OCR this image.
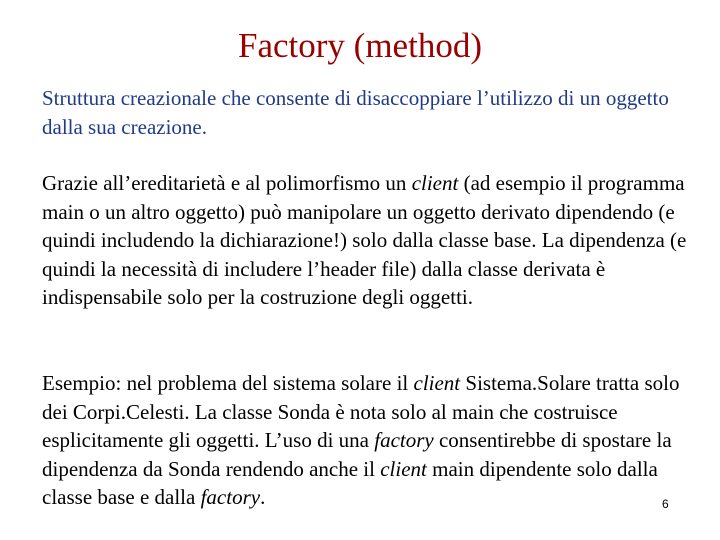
Factory (method)

Struttura creazionale che consente di disaccoppiare l’utilizzo di un oggetto dalla sua creazione.

Grazie all’ereditarietà e al polimorfismo un client (ad esempio il programma main o un altro oggetto) può manipolare un oggetto derivato dipendendo (e quindi includendo la dichiarazione!) solo dalla classe base. La dipendenza (e quindi la necessità di includere l’header file) dalla classe derivata è indispensabile solo per la costruzione degli oggetti.

Esempio: nel problema del sistema solare il client Sistema.Solare tratta solo dei Corpi.Celesti. La classe Sonda è nota solo al main che costruisce esplicitamente gli oggetti. L’uso di una factory consentirebbe di spostare la dipendenza da Sonda rendendo anche il client main dipendente solo dalla classe base e dalla factory.	6
